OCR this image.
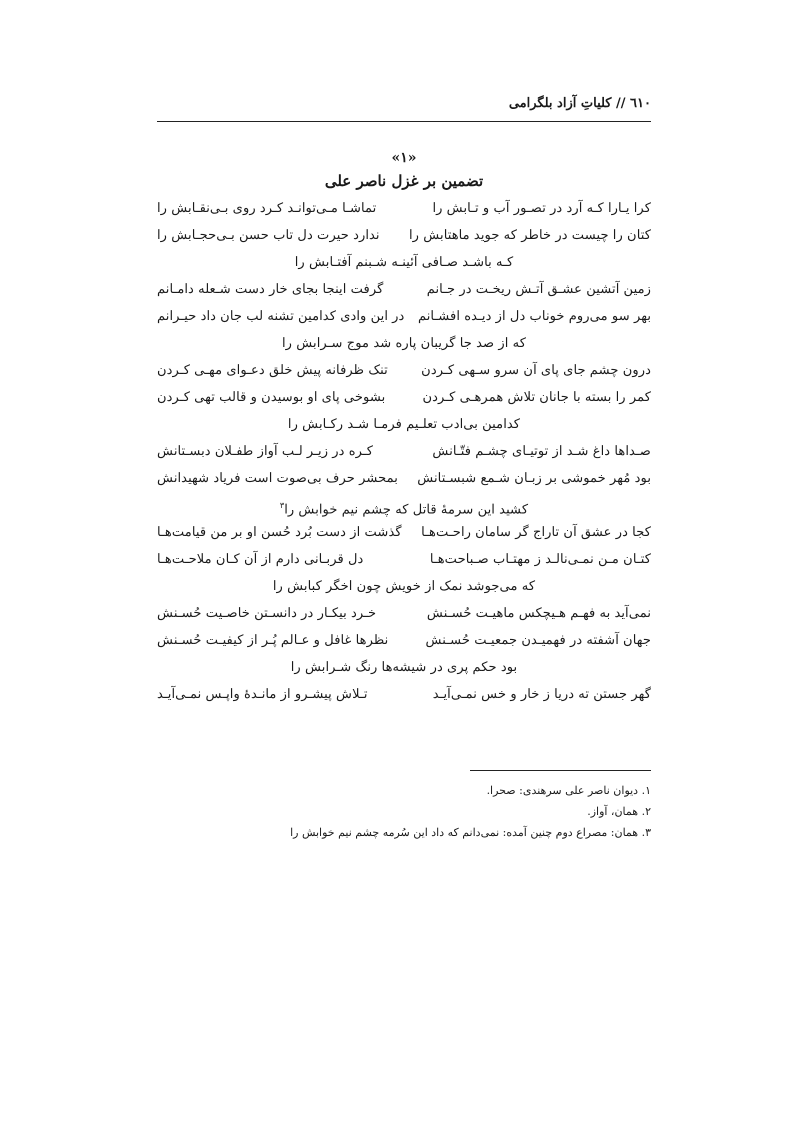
٦١٠ // کلیاتِ آزاد بلگرامی
«۱»
تضمین بر غزل ناصر علی
کرا یـارا کـه آرد در تصـور آب و تـابش را
تماشـا مـی‌توانـد کـرد روی بـی‌نقـابش را
کتان را چیست در خاطر که جوید ماهتابش را
ندارد حیرت دل تاب حسن بـی‌حجـابش را
کـه باشـد صـافی آئینـه شـبنم آفتـابش را
زمین آتشین عشـق آتـش ریخـت در جـانم
گرفت اینجا بجای خار دست شـعله دامـانم
بهر سو می‌روم خوناب دل از دیـده افشـانم
در این وادی کدامین تشنه لب جان داد حیـرانم
که از صد جا گریبان پاره شد موج سـرابش را
درون چشم جای پای آن سرو سـهی کـردن
تنک ظرفانه پیش خلق دعـوای مهـی کـردن
کمر را بسته با جانان تلاش همرهـی کـردن
بشوخی پای او بوسیدن و قالب تهی کـردن
کدامین بی‌ادب تعلـیم فرمـا شـد رکـابش را
صـداها داغ شـد از توتیـای چشـم فتّـانش
کـره در زیـر لـب آواز طفـلان دبسـتانش
بود مُهر خموشی بر زبـان شـمع شبسـتانش
بمحشر حرف بی‌صوت است فریاد شهیدانش
کشید این سرمهٔ قاتل که چشم نیم خوابش را$^۳$
کجا در عشق آن تاراج گر سامان راحـت‌هـا
گذشت از دست بُرد حُسن او بر من قیامت‌هـا
کتـان مـن نمـی‌نالـد ز مهتـاب صـباحت‌هـا
دل قربـانی دارم از آن کـان ملاحـت‌هـا
که می‌جوشد نمک از خویش چون اخگر کبابش را
نمی‌آید به فهـم هـیچکس ماهیـت حُسـنش
خـرد بیکـار در دانسـتن خاصـیت حُسـنش
جهان آشفته در فهمیـدن جمعیـت حُسـنش
نظرها غافل و عـالم پُـر از کیفیـت حُسـنش
بود حکم پری در شیشه‌ها رنگ شـرابش را
گهر جستن ته دریا ز خار و خس نمـی‌آیـد
تـلاش پیشـرو از مانـدهٔ واپـس نمـی‌آیـد
۱. دیوان ناصر علی سرهندی: صحرا.
۲. همان، آواز.
۳. همان: مصراع دوم چنین آمده: نمی‌دانم که داد این سُرمه چشم نیم خوابش را
